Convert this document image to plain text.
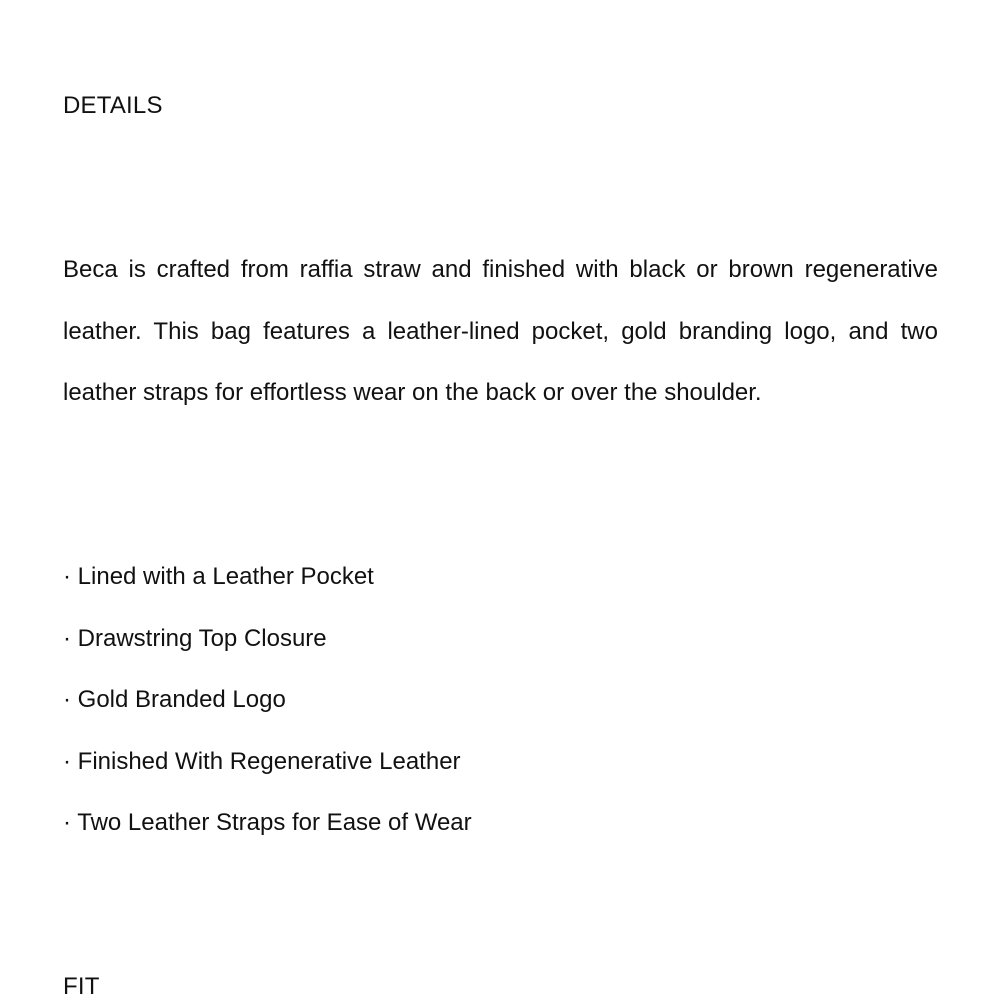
DETAILS

Beca is crafted from raffia straw and finished with black or brown regenerative leather. This bag features a leather-lined pocket, gold branding logo, and two leather straps for effortless wear on the back or over the shoulder.

· Lined with a Leather Pocket
· Drawstring Top Closure
· Gold Branded Logo
· Finished With Regenerative Leather
· Two Leather Straps for Ease of Wear
FIT
